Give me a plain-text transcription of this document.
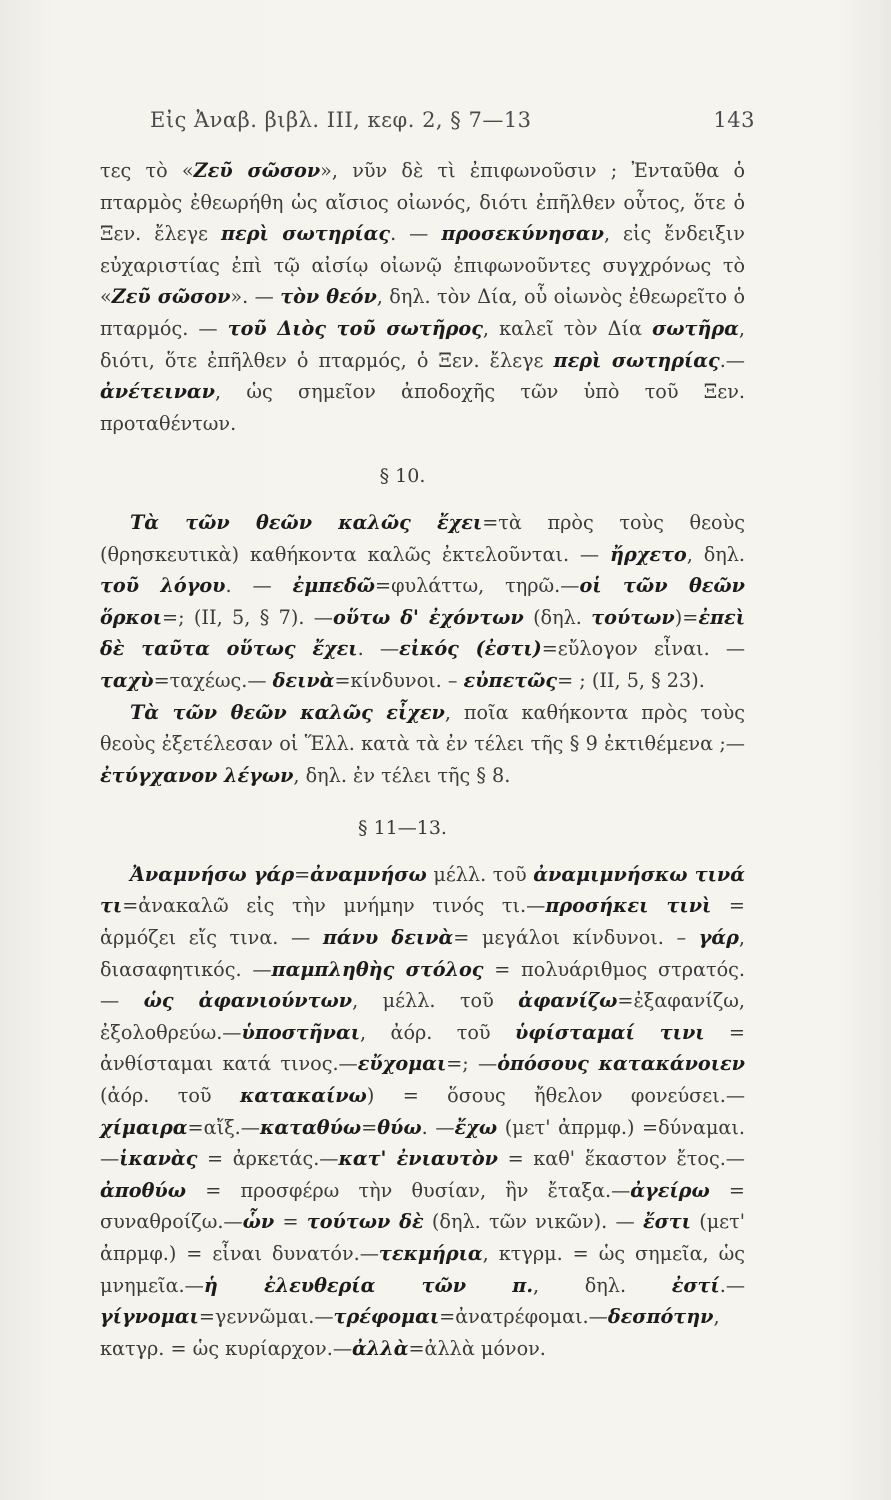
Εἰς Ἀναβ. βιβλ. III, κεφ. 2, § 7—13	143

τες τὸ «Ζεῦ σῶσον», νῦν δὲ τὶ ἐπιφωνοῦσιν ; Ἐνταῦθα ὁ πταρμὸς ἐθεωρήθη ὡς αἴσιος οἰωνός, διότι ἐπῆλθεν οὗτος, ὅτε ὁ Ξεν. ἔλεγε περὶ σωτηρίας. — προσεκύνησαν, εἰς ἔνδειξιν εὐχαριστίας ἐπὶ τῷ αἰσίῳ οἰωνῷ ἐπιφωνοῦντες συγχρόνως τὸ «Ζεῦ σῶσον». — τὸν θεόν, δηλ. τὸν Δία, οὗ οἰωνὸς ἐθεωρεῖτο ὁ πταρμός. — τοῦ Διὸς τοῦ σωτῆρος, καλεῖ τὸν Δία σωτῆρα, διότι, ὅτε ἐπῆλθεν ὁ πταρμός, ὁ Ξεν. ἔλεγε περὶ σωτηρίας.—ἀνέτειναν, ὡς σημεῖον ἀποδοχῆς τῶν ὑπὸ τοῦ Ξεν. προταθέντων.

§ 10.

Τὰ τῶν θεῶν καλῶς ἔχει=τὰ πρὸς τοὺς θεοὺς (θρησκευτικὰ) καθήκοντα καλῶς ἐκτελοῦνται. — ἤρχετο, δηλ. τοῦ λόγου. — ἐμπεδῶ=φυλάττω, τηρῶ.—οἱ τῶν θεῶν ὅρκοι=; (II, 5, § 7). —οὕτω δ' ἐχόντων (δηλ. τούτων)=ἐπεὶ δὲ ταῦτα οὕτως ἔχει. —εἰκός (ἐστι)=εὔλογον εἶναι. — ταχὺ=ταχέως.— δεινὰ=κίνδυνοι. – εὐπετῶς= ; (II, 5, § 23).

Τὰ τῶν θεῶν καλῶς εἶχεν, ποῖα καθήκοντα πρὸς τοὺς θεοὺς ἐξετέλεσαν οἱ Ἕλλ. κατὰ τὰ ἐν τέλει τῆς § 9 ἐκτιθέμενα ;—ἐτύγχανον λέγων, δηλ. ἐν τέλει τῆς § 8.

§ 11—13.

Ἀναμνήσω γάρ=ἀναμνήσω μέλλ. τοῦ ἀναμιμνήσκω τινά τι=ἀνακαλῶ εἰς τὴν μνήμην τινός τι.—προσήκει τινὶ = ἁρμόζει εἴς τινα. — πάνυ δεινὰ= μεγάλοι κίνδυνοι. – γάρ, διασαφητικός. —παμπληθὴς στόλος = πολυάριθμος στρατός. — ὡς ἀφανιούντων, μέλλ. τοῦ ἀφανίζω=ἐξαφανίζω, ἐξολοθρεύω.—ὑποστῆναι, ἀόρ. τοῦ ὑφίσταμαί τινι = ἀνθίσταμαι κατά τινος.—εὔχομαι=; —ὁπόσους κατακάνοιεν (ἀόρ. τοῦ κατακαίνω) = ὅσους ἤθελον φονεύσει.—χίμαιρα=αἴξ.—καταθύω=θύω. —ἔχω (μετ' ἀπρμφ.) =δύναμαι.—ἱκανὰς = ἀρκετάς.—κατ' ἐνιαυτὸν = καθ' ἕκαστον ἔτος.—ἀποθύω = προσφέρω τὴν θυσίαν, ἣν ἔταξα.—ἀγείρω = συναθροίζω.—ὧν = τούτων δὲ (δηλ. τῶν νικῶν). — ἔστι (μετ' ἀπρμφ.) = εἶναι δυνατόν.—τεκμήρια, κτγρμ. = ὡς σημεῖα, ὡς μνημεῖα.—ἡ ἐλευθερία τῶν π., δηλ. ἐστί.—γίγνομαι=γεννῶμαι.—τρέφομαι=ἀνατρέφομαι.—δεσπότην, κατγρ. = ὡς κυρίαρχον.—ἀλλὰ=ἀλλὰ μόνον.
